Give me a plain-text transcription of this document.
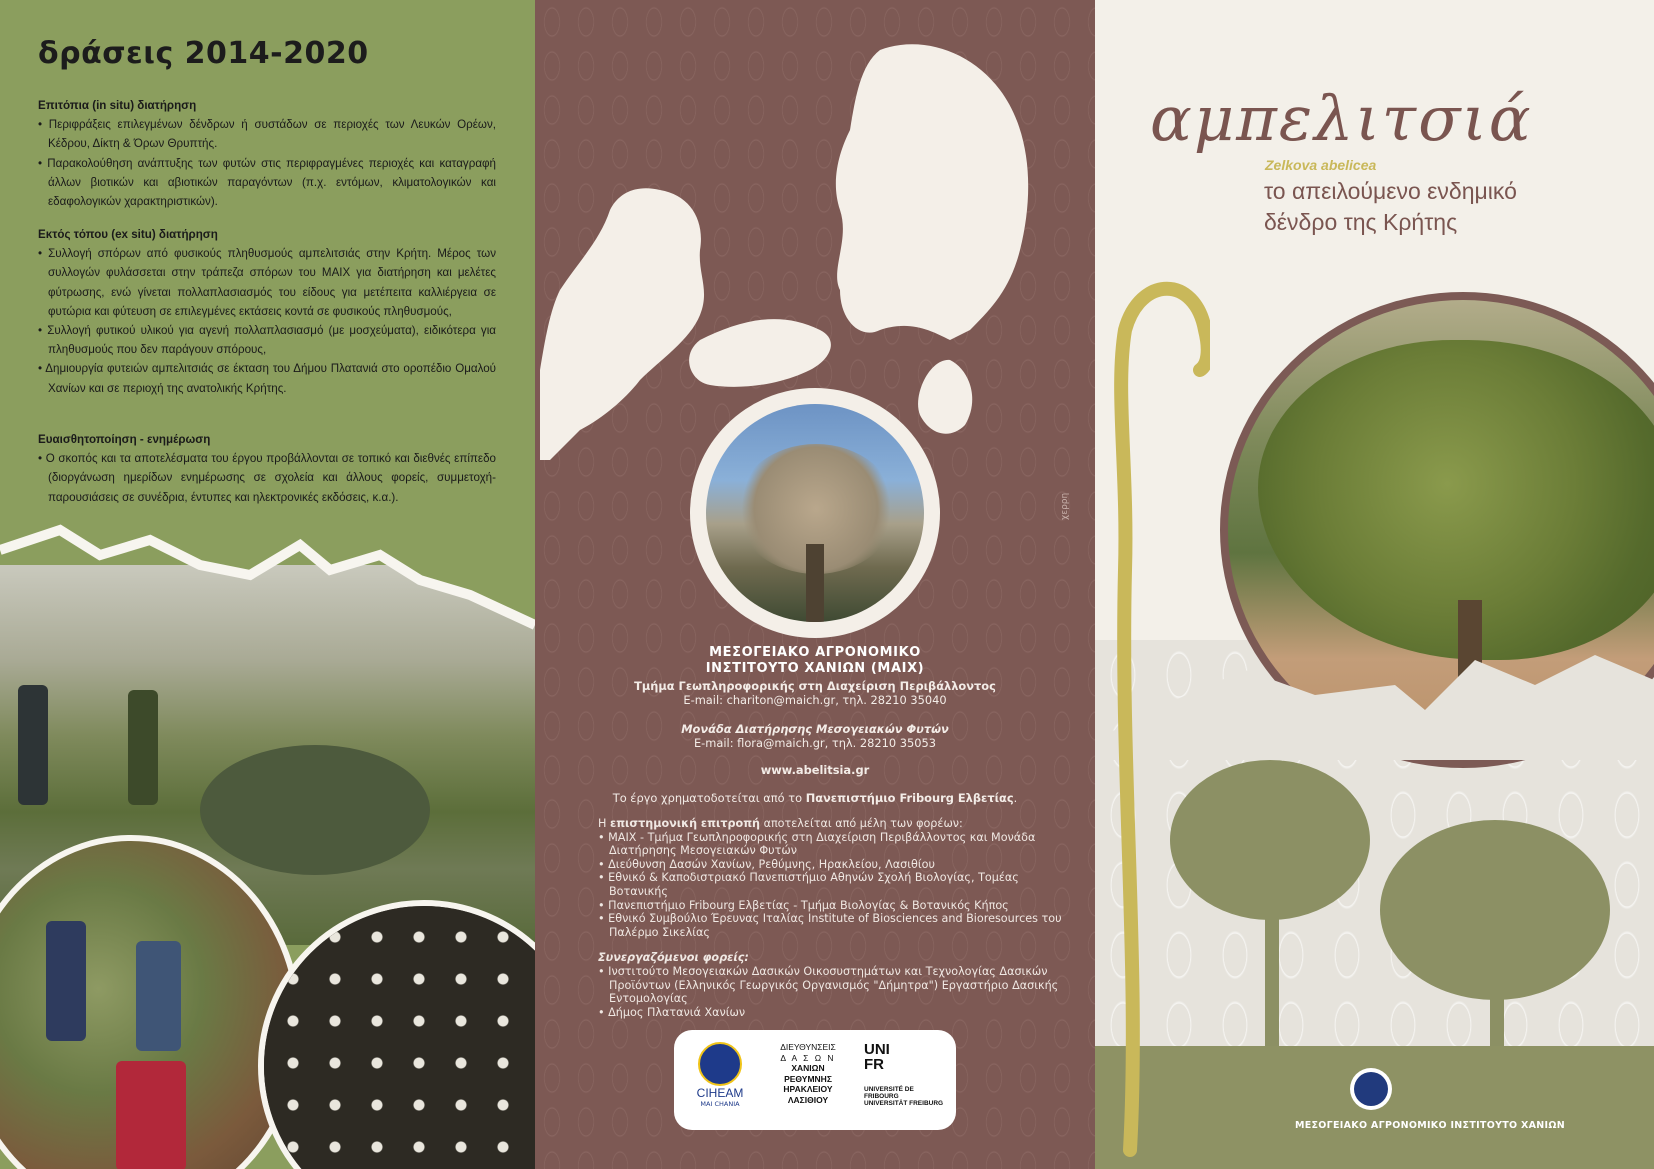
δράσεις 2014-2020
Επιτόπια (in situ) διατήρηση
• Περιφράξεις επιλεγμένων δένδρων ή συστάδων σε περιοχές των Λευκών Ορέων, Κέδρου, Δίκτη & Όρων Θρυπτής.
• Παρακολούθηση ανάπτυξης των φυτών στις περιφραγμένες περιοχές και καταγραφή άλλων βιοτικών και αβιοτικών παραγόντων (π.χ. εντόμων, κλιματολογικών και εδαφολογικών χαρακτηριστικών).
Εκτός τόπου (ex situ) διατήρηση
• Συλλογή σπόρων από φυσικούς πληθυσμούς αμπελιτσιάς στην Κρήτη. Μέρος των συλλογών φυλάσσεται στην τράπεζα σπόρων του ΜΑΙΧ για διατήρηση και μελέτες φύτρωσης, ενώ γίνεται πολλαπλασιασμός του είδους για μετέπειτα καλλιέργεια σε φυτώρια και φύτευση σε επιλεγμένες εκτάσεις κοντά σε φυσικούς πληθυσμούς,
• Συλλογή φυτικού υλικού για αγενή πολλαπλασιασμό (με μοσχεύματα), ειδικότερα για πληθυσμούς που δεν παράγουν σπόρους,
• Δημιουργία φυτειών αμπελιτσιάς σε έκταση του Δήμου Πλατανιά στο οροπέδιο Ομαλού Χανίων και σε περιοχή της ανατολικής Κρήτης.
Ευαισθητοποίηση - ενημέρωση
• Ο σκοπός και τα αποτελέσματα του έργου προβάλλονται σε τοπικό και διεθνές επίπεδο (διοργάνωση ημερίδων ενημέρωσης σε σχολεία και άλλους φορείς, συμμετοχή-παρουσιάσεις σε συνέδρια, έντυπες και ηλεκτρονικές εκδόσεις, κ.α.).	χερρη
ΜΕΣΟΓΕΙΑΚΟ ΑΓΡΟΝΟΜΙΚΟ
ΙΝΣΤΙΤΟΥΤΟ ΧΑΝΙΩΝ (ΜΑΙΧ)
Τμήμα Γεωπληροφορικής στη Διαχείριση Περιβάλλοντος
E-mail: chariton@maich.gr, τηλ. 28210 35040
Μονάδα Διατήρησης Μεσογειακών Φυτών
E-mail: flora@maich.gr, τηλ. 28210 35053
www.abelitsia.gr
Το έργο χρηματοδοτείται από το Πανεπιστήμιο Fribourg Ελβετίας.
Η επιστημονική επιτροπή αποτελείται από μέλη των φορέων:
• ΜΑΙΧ - Τμήμα Γεωπληροφορικής στη Διαχείριση Περιβάλλοντος και Μονάδα Διατήρησης Μεσογειακών Φυτών
• Διεύθυνση Δασών Χανίων, Ρεθύμνης, Ηρακλείου, Λασιθίου
• Εθνικό & Καποδιστριακό Πανεπιστήμιο Αθηνών Σχολή Βιολογίας, Τομέας Βοτανικής
• Πανεπιστήμιο Fribourg Ελβετίας - Τμήμα Βιολογίας & Βοτανικός Κήπος
• Εθνικό Συμβούλιο Έρευνας Ιταλίας Institute of Biosciences and Bioresources του Παλέρμο Σικελίας
Συνεργαζόμενοι φορείς:
• Ινστιτούτο Μεσογειακών Δασικών Οικοσυστημάτων και Τεχνολογίας Δασικών Προϊόντων (Ελληνικός Γεωργικός Οργανισμός "Δήμητρα") Εργαστήριο Δασικής Εντομολογίας
• Δήμος Πλατανιά Χανίων
CIHEAM
MAI CHANIA
ΔΙΕΥΘΥΝΣΕΙΣ
Δ Α Σ Ω Ν
ΧΑΝΙΩΝ
ΡΕΘΥΜΝΗΣ
ΗΡΑΚΛΕΙΟΥ
ΛΑΣΙΘΙΟΥ
UNI
FR
UNIVERSITÉ DE FRIBOURG
UNIVERSITÄT FREIBURG
αμπελιτσιά
Zelkova abelicea
το απειλούμενο ενδημικό
δένδρο της Κρήτης
ΜΕΣΟΓΕΙΑΚΟ ΑΓΡΟΝΟΜΙΚΟ ΙΝΣΤΙΤΟΥΤΟ ΧΑΝΙΩΝ
